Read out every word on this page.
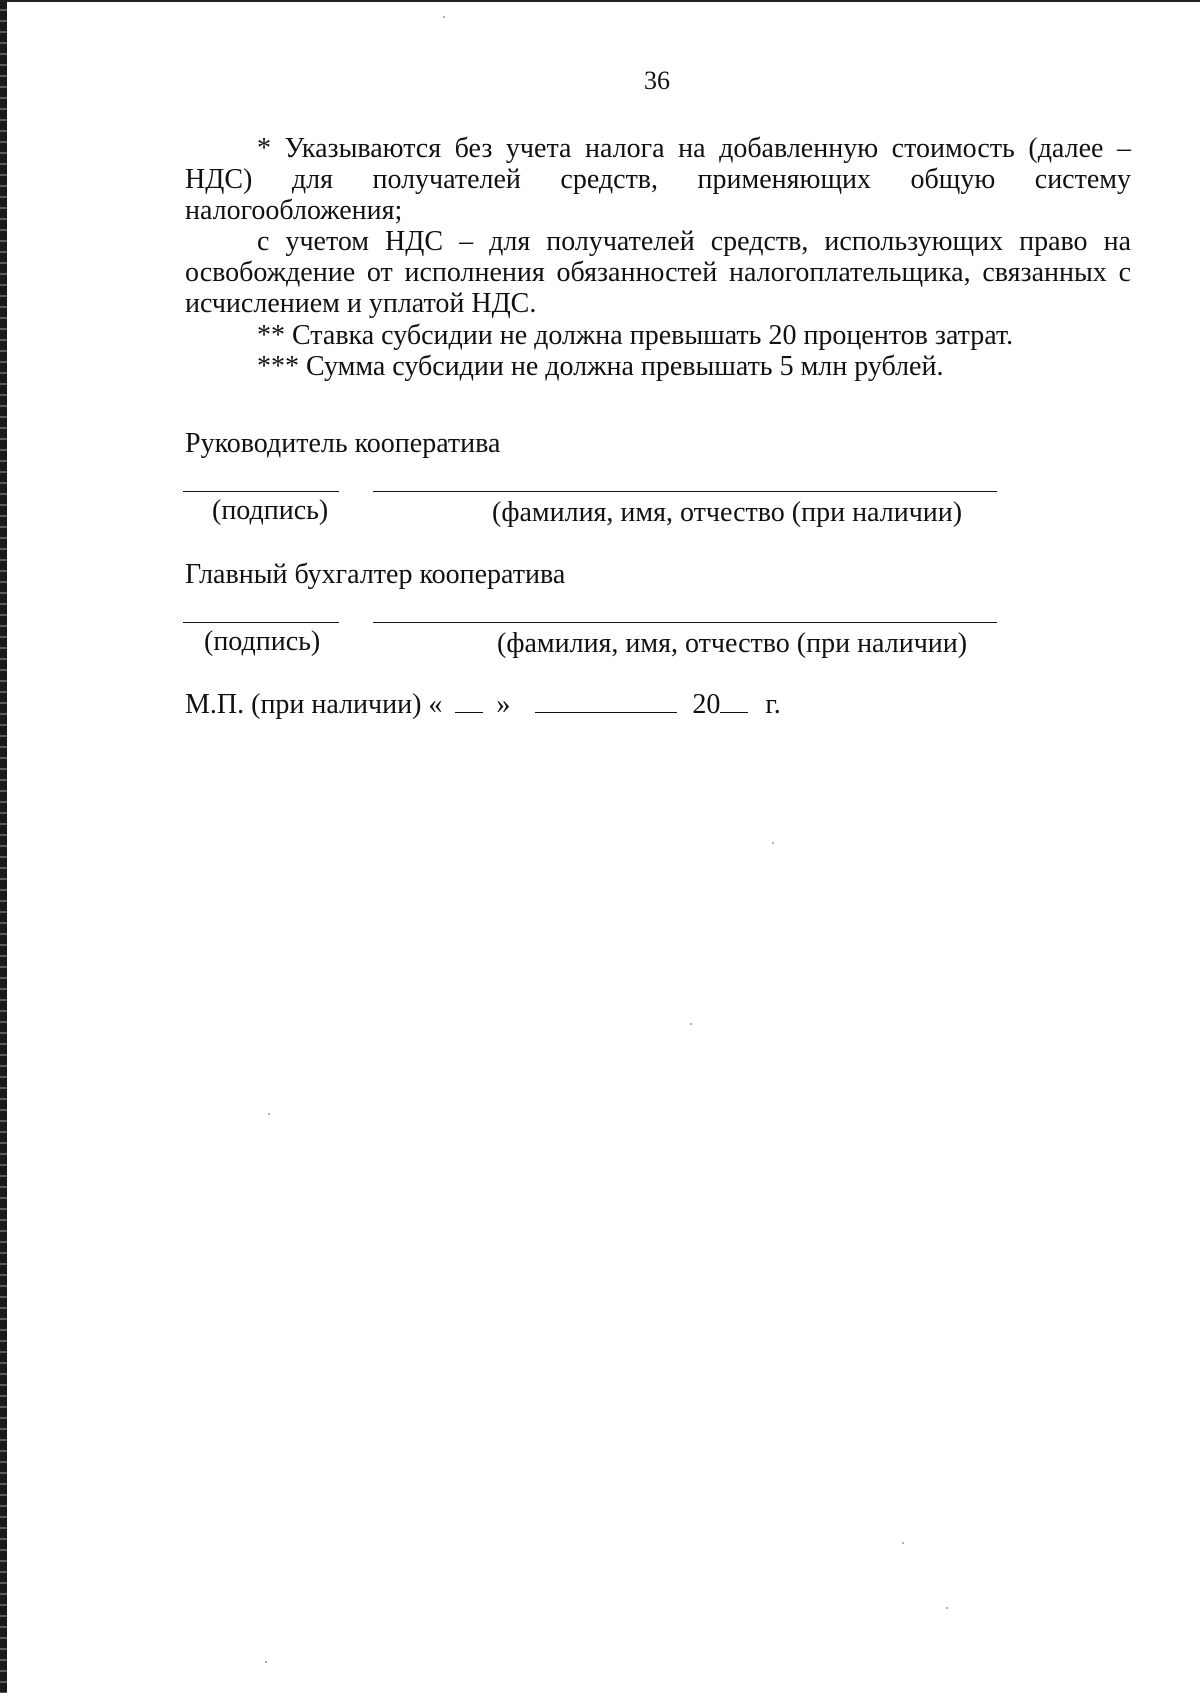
36

* Указываются без учета налога на добавленную стоимость (далее – НДС) для получателей средств, применяющих общую систему налогообложения;

с учетом НДС – для получателей средств, использующих право на освобождение от исполнения обязанностей налогоплательщика, связанных с исчислением и уплатой НДС.

** Ставка субсидии не должна превышать 20 процентов затрат.

*** Сумма субсидии не должна превышать 5 млн рублей.

Руководитель кооператива
(подпись)	(фамилия, имя, отчество (при наличии)
Главный бухгалтер кооператива
(подпись)	(фамилия, имя, отчество (при наличии)
М.П. (при наличии) « »	20 г.
